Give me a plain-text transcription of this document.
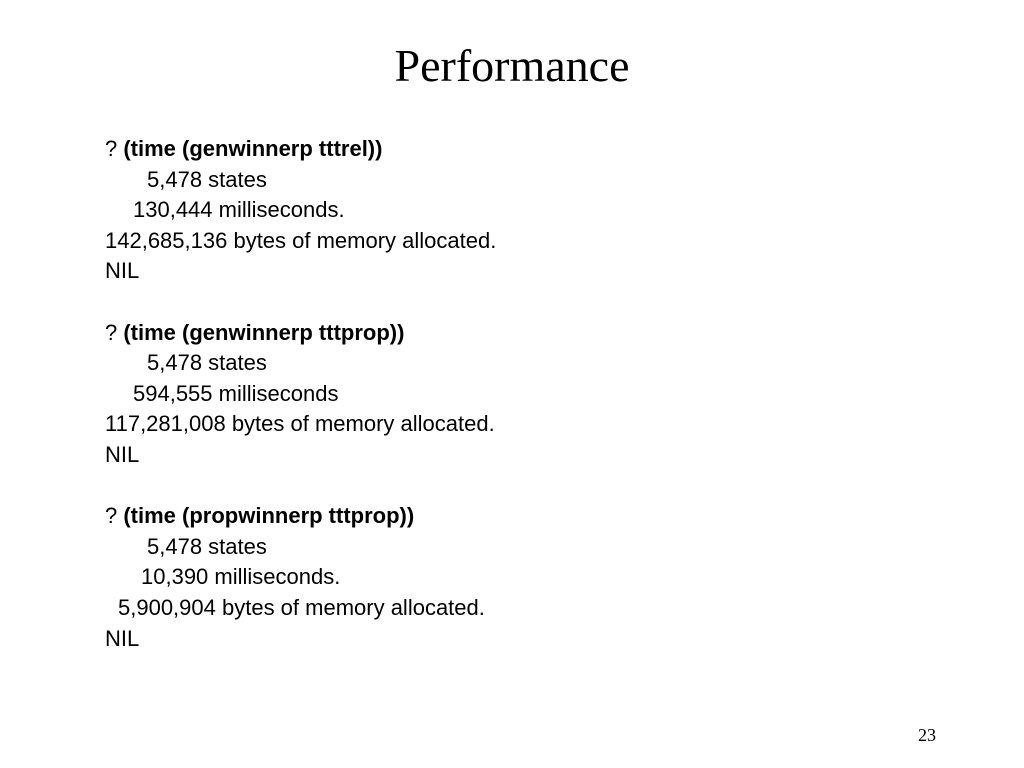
Performance
? (time (genwinnerp tttrel))
5,478 states
130,444 milliseconds.
142,685,136 bytes of memory allocated.
NIL
? (time (genwinnerp tttprop))
5,478 states
594,555 milliseconds
117,281,008 bytes of memory allocated.
NIL
? (time (propwinnerp tttprop))
5,478 states
10,390 milliseconds.
5,900,904 bytes of memory allocated.
NIL
23
